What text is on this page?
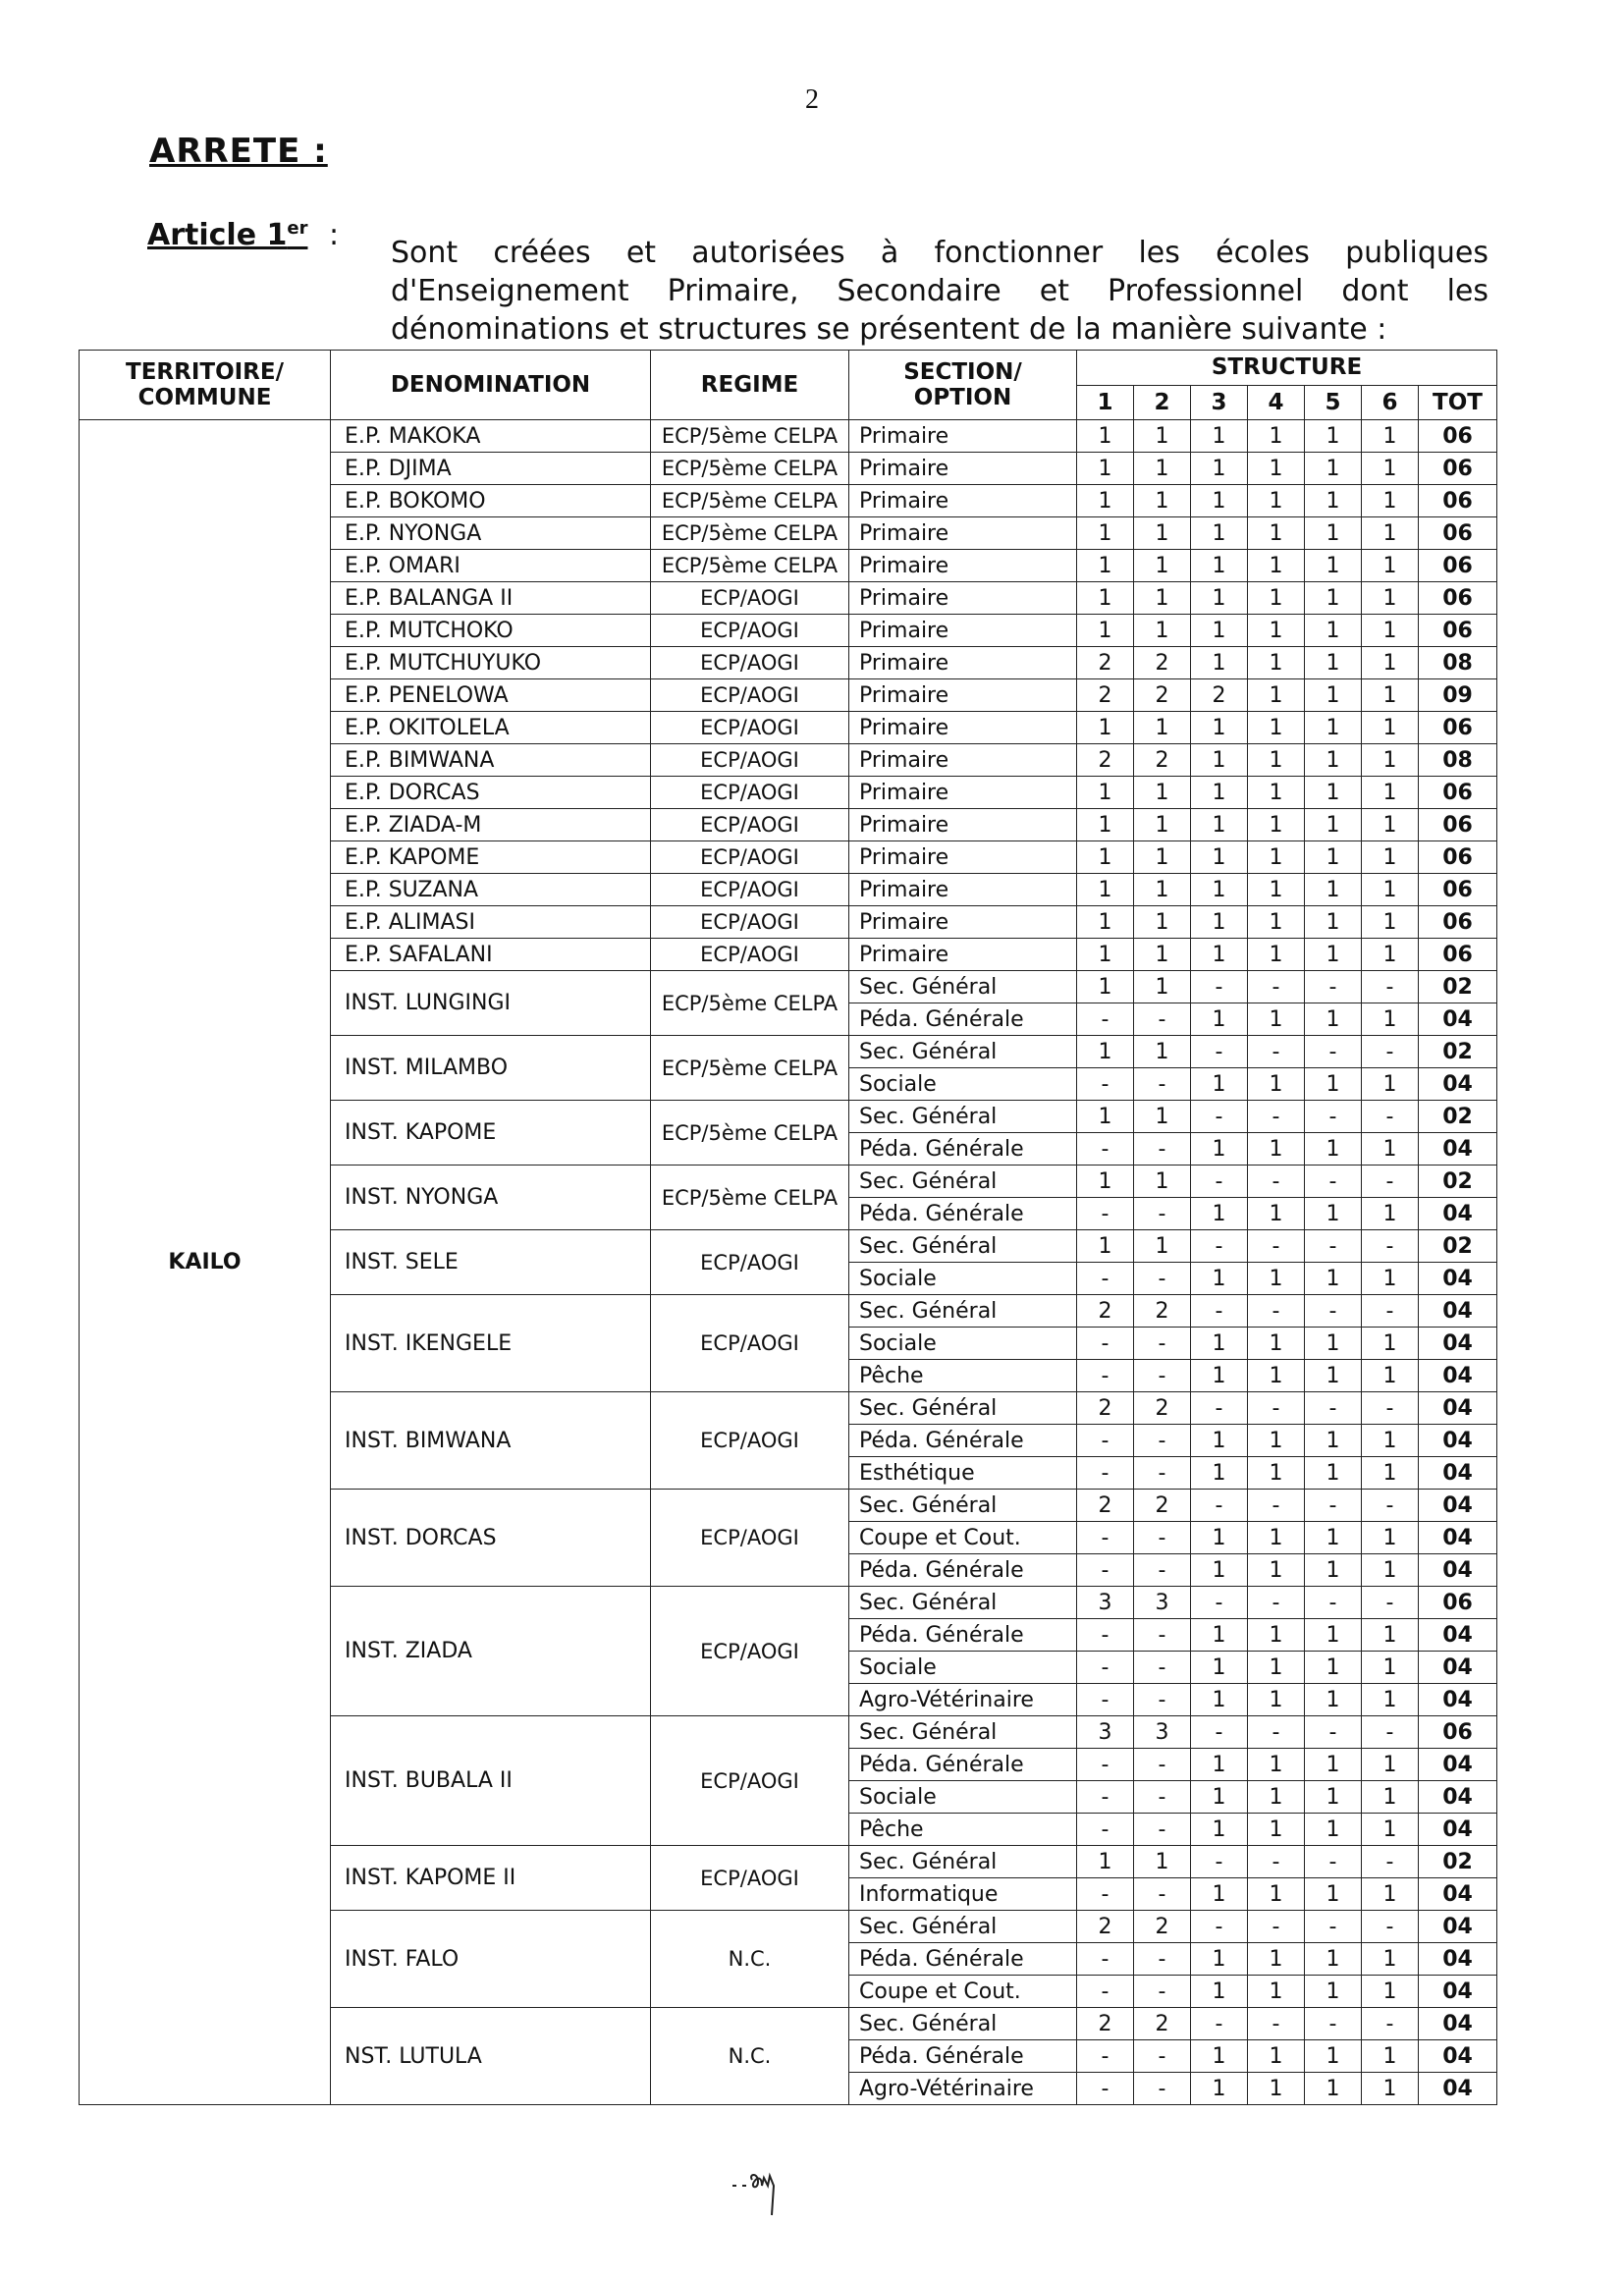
2
ARRETE :
Article 1er :
Sont créées et autorisées à fonctionner les écoles publiques d'Enseignement Primaire, Secondaire et Professionnel dont les dénominations et structures se présentent de la manière suivante :
TERRITOIRE/ COMMUNE	DENOMINATION	REGIME	SECTION/ OPTION	STRUCTURE						
				1	2	3	4	5	6	TOT
KAILO	E.P. MAKOKA	ECP/5ème CELPA	Primaire	1	1	1	1	1	1	06
	E.P. DJIMA	ECP/5ème CELPA	Primaire	1	1	1	1	1	1	06
	E.P. BOKOMO	ECP/5ème CELPA	Primaire	1	1	1	1	1	1	06
	E.P. NYONGA	ECP/5ème CELPA	Primaire	1	1	1	1	1	1	06
	E.P. OMARI	ECP/5ème CELPA	Primaire	1	1	1	1	1	1	06
	E.P. BALANGA II	ECP/AOGI	Primaire	1	1	1	1	1	1	06
	E.P. MUTCHOKO	ECP/AOGI	Primaire	1	1	1	1	1	1	06
	E.P. MUTCHUYUKO	ECP/AOGI	Primaire	2	2	1	1	1	1	08
	E.P. PENELOWA	ECP/AOGI	Primaire	2	2	2	1	1	1	09
	E.P. OKITOLELA	ECP/AOGI	Primaire	1	1	1	1	1	1	06
	E.P. BIMWANA	ECP/AOGI	Primaire	2	2	1	1	1	1	08
	E.P. DORCAS	ECP/AOGI	Primaire	1	1	1	1	1	1	06
	E.P. ZIADA-M	ECP/AOGI	Primaire	1	1	1	1	1	1	06
	E.P. KAPOME	ECP/AOGI	Primaire	1	1	1	1	1	1	06
	E.P. SUZANA	ECP/AOGI	Primaire	1	1	1	1	1	1	06
	E.P. ALIMASI	ECP/AOGI	Primaire	1	1	1	1	1	1	06
	E.P. SAFALANI	ECP/AOGI	Primaire	1	1	1	1	1	1	06
	INST. LUNGINGI	ECP/5ème CELPA	Sec. Général	1	1	-	-	-	-	02
			Péda. Générale	-	-	1	1	1	1	04
	INST. MILAMBO	ECP/5ème CELPA	Sec. Général	1	1	-	-	-	-	02
			Sociale	-	-	1	1	1	1	04
	INST. KAPOME	ECP/5ème CELPA	Sec. Général	1	1	-	-	-	-	02
			Péda. Générale	-	-	1	1	1	1	04
	INST. NYONGA	ECP/5ème CELPA	Sec. Général	1	1	-	-	-	-	02
			Péda. Générale	-	-	1	1	1	1	04
	INST. SELE	ECP/AOGI	Sec. Général	1	1	-	-	-	-	02
			Sociale	-	-	1	1	1	1	04
	INST. IKENGELE	ECP/AOGI	Sec. Général	2	2	-	-	-	-	04
			Sociale	-	-	1	1	1	1	04
			Pêche	-	-	1	1	1	1	04
	INST. BIMWANA	ECP/AOGI	Sec. Général	2	2	-	-	-	-	04
			Péda. Générale	-	-	1	1	1	1	04
			Esthétique	-	-	1	1	1	1	04
	INST. DORCAS	ECP/AOGI	Sec. Général	2	2	-	-	-	-	04
			Coupe et Cout.	-	-	1	1	1	1	04
			Péda. Générale	-	-	1	1	1	1	04
	INST. ZIADA	ECP/AOGI	Sec. Général	3	3	-	-	-	-	06
			Péda. Générale	-	-	1	1	1	1	04
			Sociale	-	-	1	1	1	1	04
			Agro-Vétérinaire	-	-	1	1	1	1	04
	INST. BUBALA II	ECP/AOGI	Sec. Général	3	3	-	-	-	-	06
			Péda. Générale	-	-	1	1	1	1	04
			Sociale	-	-	1	1	1	1	04
			Pêche	-	-	1	1	1	1	04
	INST. KAPOME II	ECP/AOGI	Sec. Général	1	1	-	-	-	-	02
			Informatique	-	-	1	1	1	1	04
	INST. FALO	N.C.	Sec. Général	2	2	-	-	-	-	04
			Péda. Générale	-	-	1	1	1	1	04
			Coupe et Cout.	-	-	1	1	1	1	04
	NST. LUTULA	N.C.	Sec. Général	2	2	-	-	-	-	04
			Péda. Générale	-	-	1	1	1	1	04
			Agro-Vétérinaire	-	-	1	1	1	1	04
